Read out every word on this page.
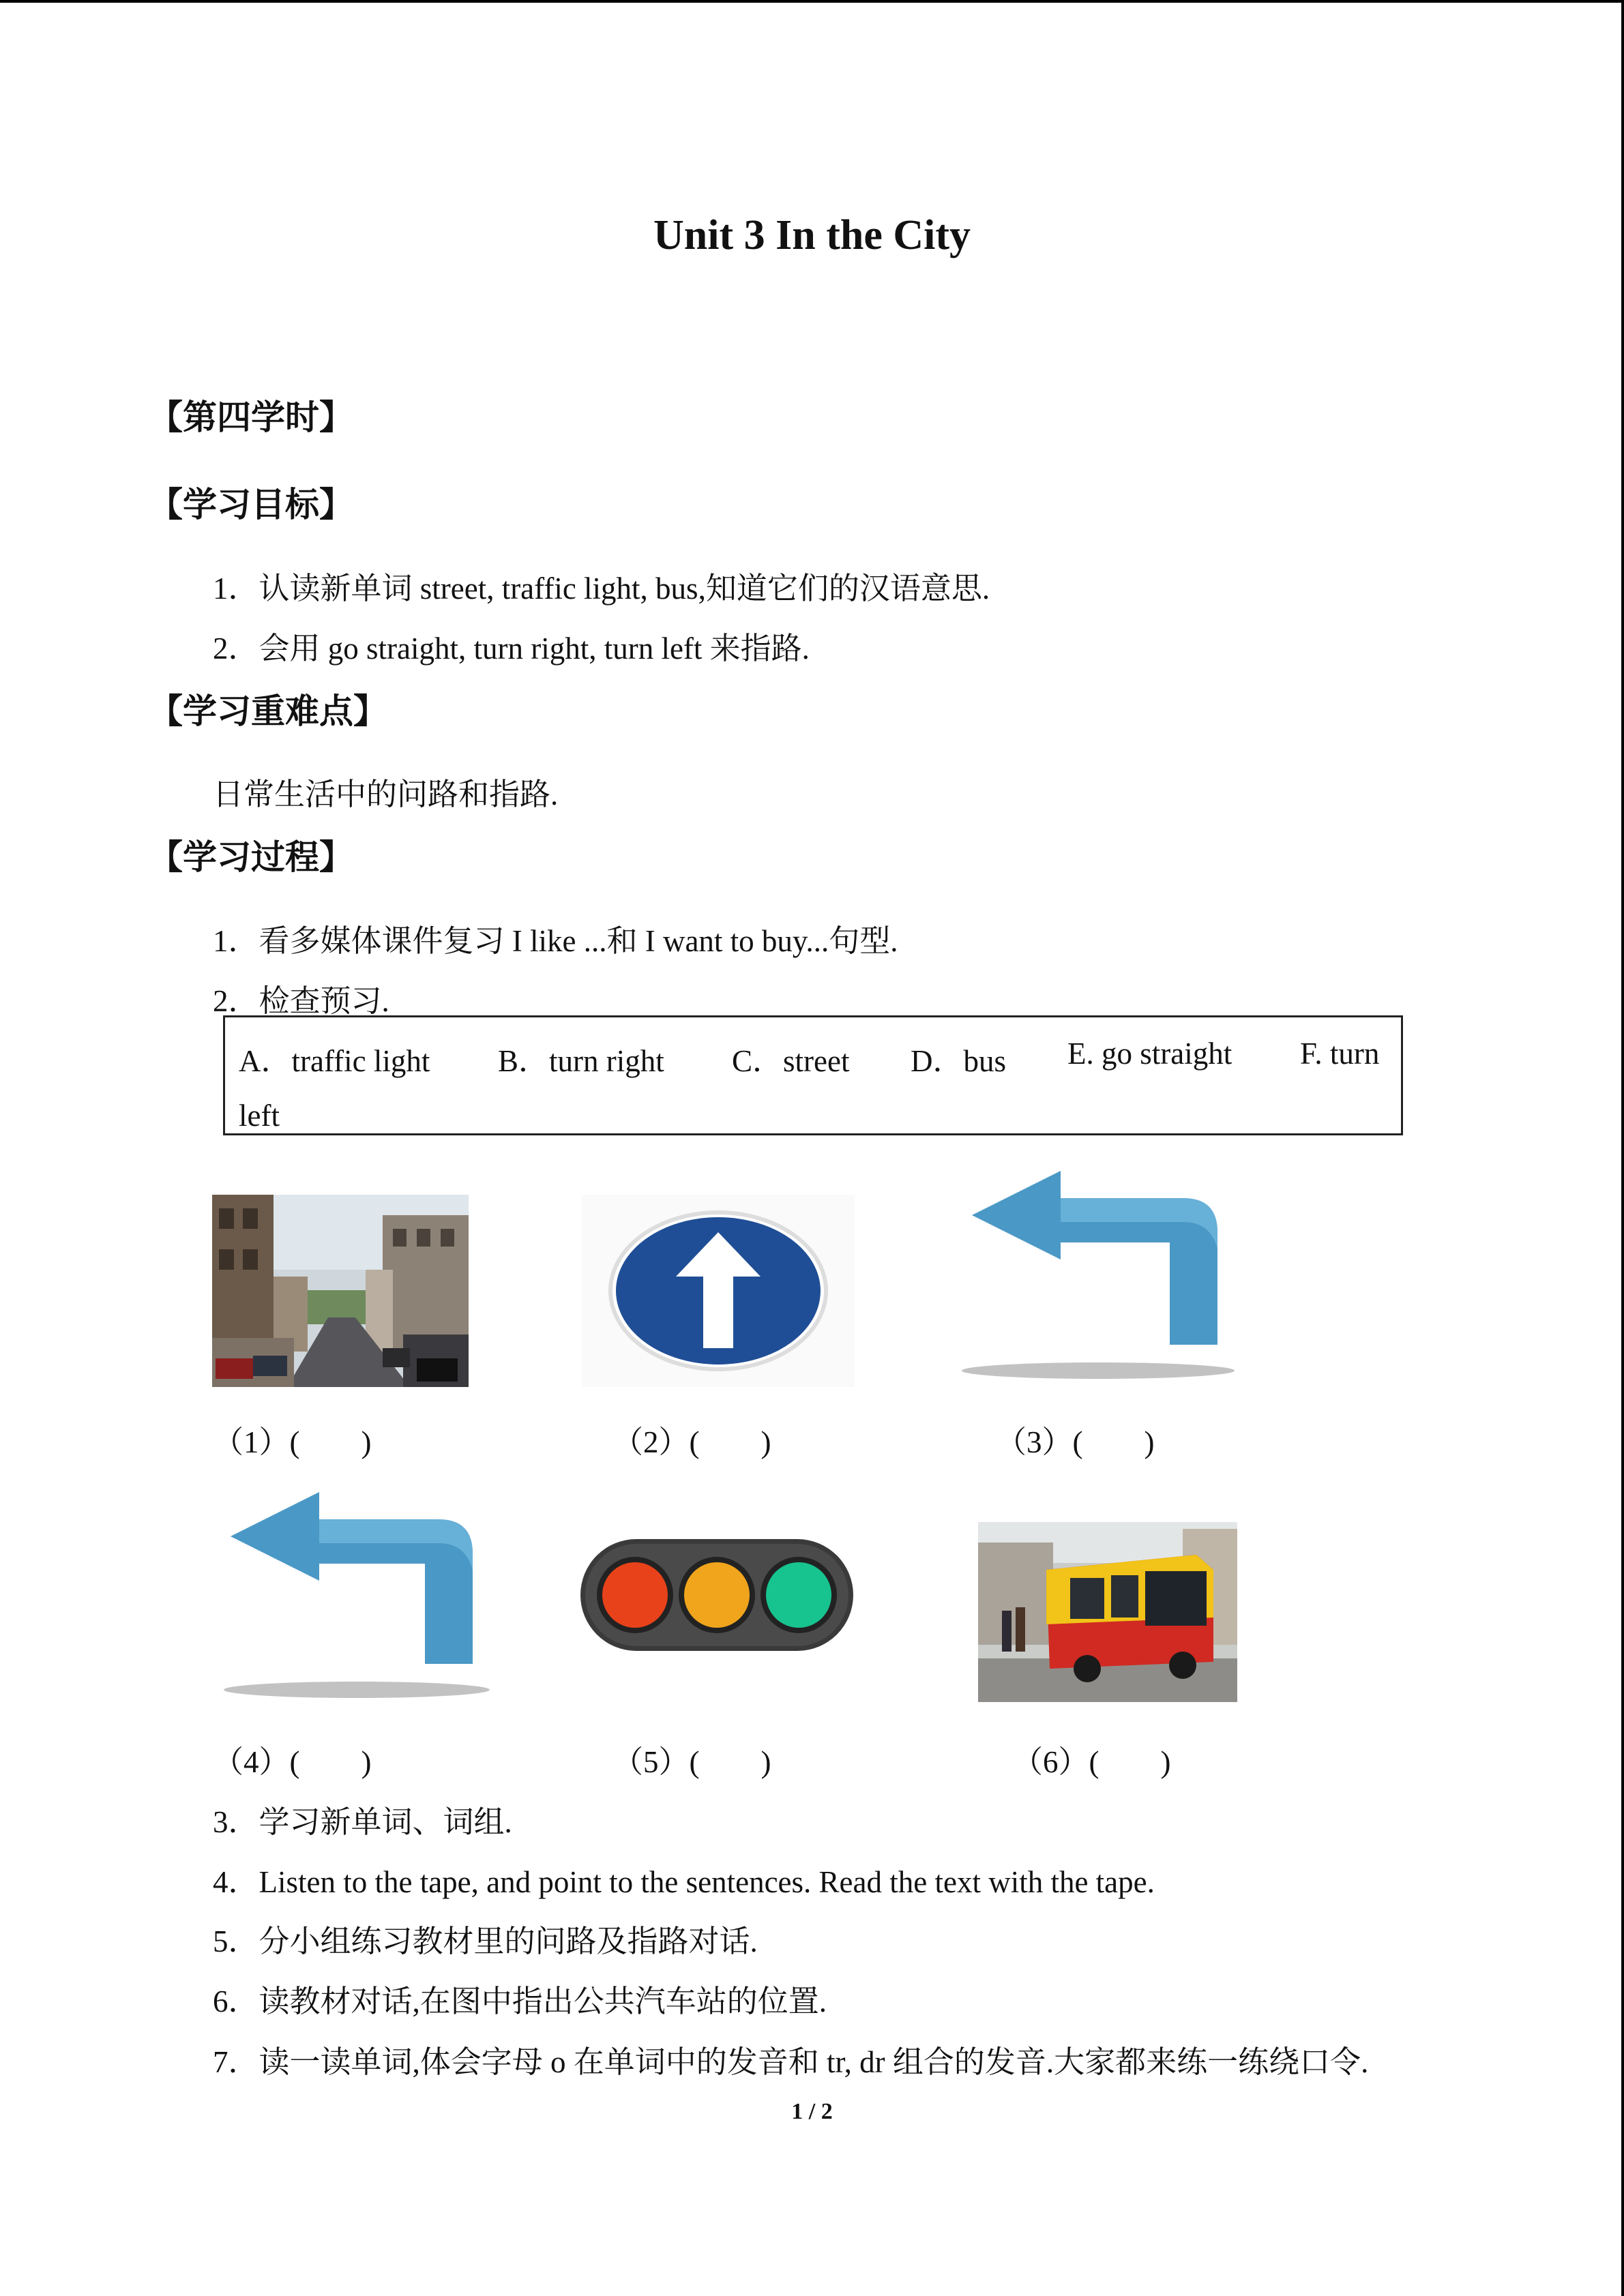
Unit 3 In the City
【第四学时】
【学习目标】
1．认读新单词 street, traffic light, bus,知道它们的汉语意思.
2．会用 go straight, turn right, turn left 来指路.
【学习重难点】
日常生活中的问路和指路.
【学习过程】
1．看多媒体课件复习 I like ...和 I want to buy...句型.
2．检查预习.
A．traffic light B．turn right C．street D．bus E. go straight F. turn
left
（1）(　　)	（2）(　　)	（3）(　　)
（4）(　　)	（5）(　　)	（6）(　　)
3．学习新单词、词组.
4．Listen to the tape, and point to the sentences. Read the text with the tape.
5．分小组练习教材里的问路及指路对话.
6．读教材对话,在图中指出公共汽车站的位置.
7．读一读单词,体会字母 o 在单词中的发音和 tr, dr 组合的发音.大家都来练一练绕口令.
1 / 2
